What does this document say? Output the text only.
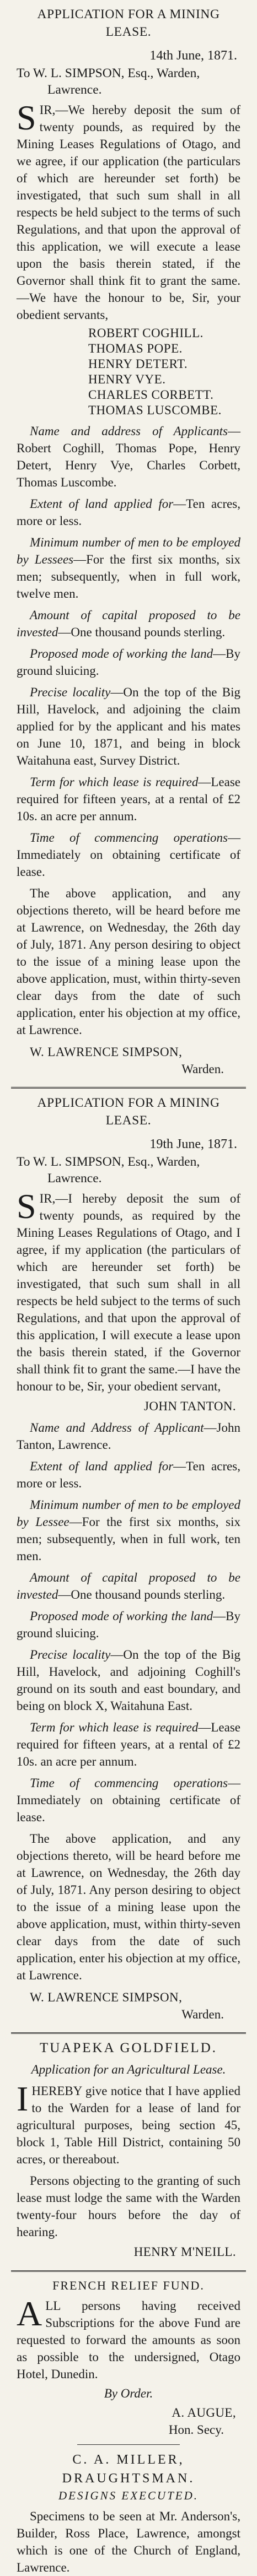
APPLICATION FOR A MINING
LEASE.
14th June, 1871.
To W. L. SIMPSON, Esq., Warden,
Lawrence.

SIR,—We hereby deposit the sum of twenty pounds, as required by the Mining Leases Regulations of Otago, and we agree, if our application (the particulars of which are hereunder set forth) be investigated, that such sum shall in all respects be held subject to the terms of such Regulations, and that upon the approval of this application, we will execute a lease upon the basis therein stated, if the Governor shall think fit to grant the same.—We have the honour to be, Sir, your obedient servants,

ROBERT COGHILL.
THOMAS POPE.
HENRY DETERT.
HENRY VYE.
CHARLES CORBETT.
THOMAS LUSCOMBE.

Name and address of Applicants—Robert Coghill, Thomas Pope, Henry Detert, Henry Vye, Charles Corbett, Thomas Luscombe.

Extent of land applied for—Ten acres, more or less.

Minimum number of men to be employed by Lessees—For the first six months, six men; subsequently, when in full work, twelve men.

Amount of capital proposed to be invested—One thousand pounds sterling.

Proposed mode of working the land—By ground sluicing.

Precise locality—On the top of the Big Hill, Havelock, and adjoining the claim applied for by the applicant and his mates on June 10, 1871, and being in block Waitahuna east, Survey District.

Term for which lease is required—Lease required for fifteen years, at a rental of £2 10s. an acre per annum.

Time of commencing operations—Immediately on obtaining certificate of lease.

The above application, and any objections thereto, will be heard before me at Lawrence, on Wednesday, the 26th day of July, 1871. Any person desiring to object to the issue of a mining lease upon the above application, must, within thirty-seven clear days from the date of such application, enter his objection at my office, at Lawrence.

W. LAWRENCE SIMPSON,
Warden.
APPLICATION FOR A MINING
LEASE.
19th June, 1871.
To W. L. SIMPSON, Esq., Warden,
Lawrence.

SIR,—I hereby deposit the sum of twenty pounds, as required by the Mining Leases Regulations of Otago, and I agree, if my application (the particulars of which are hereunder set forth) be investigated, that such sum shall in all respects be held subject to the terms of such Regulations, and that upon the approval of this application, I will execute a lease upon the basis therein stated, if the Governor shall think fit to grant the same.—I have the honour to be, Sir, your obedient servant,

JOHN TANTON.

Name and Address of Applicant—John Tanton, Lawrence.

Extent of land applied for—Ten acres, more or less.

Minimum number of men to be employed by Lessee—For the first six months, six men; subsequently, when in full work, ten men.

Amount of capital proposed to be invested—One thousand pounds sterling.

Proposed mode of working the land—By ground sluicing.

Precise locality—On the top of the Big Hill, Havelock, and adjoining Coghill's ground on its south and east boundary, and being on block X, Waitahuna East.

Term for which lease is required—Lease required for fifteen years, at a rental of £2 10s. an acre per annum.

Time of commencing operations—Immediately on obtaining certificate of lease.

The above application, and any objections thereto, will be heard before me at Lawrence, on Wednesday, the 26th day of July, 1871. Any person desiring to object to the issue of a mining lease upon the above application, must, within thirty-seven clear days from the date of such application, enter his objection at my office, at Lawrence.

W. LAWRENCE SIMPSON,
Warden.
TUAPEKA GOLDFIELD.
Application for an Agricultural Lease.

IHEREBY give notice that I have applied to the Warden for a lease of land for agricultural purposes, being section 45, block 1, Table Hill District, containing 50 acres, or thereabout.

Persons objecting to the granting of such lease must lodge the same with the Warden twenty-four hours before the day of hearing.

HENRY M'NEILL.
FRENCH RELIEF FUND.

ALL persons having received Subscriptions for the above Fund are requested to forward the amounts as soon as possible to the undersigned, Otago Hotel, Dunedin.

By Order.
A. AUGUE,
Hon. Secy.
C. A. MILLER,
DRAUGHTSMAN.
DESIGNS EXECUTED.

Specimens to be seen at Mr. Anderson's, Builder, Ross Place, Lawrence, amongst which is one of the Church of England, Lawrence.
